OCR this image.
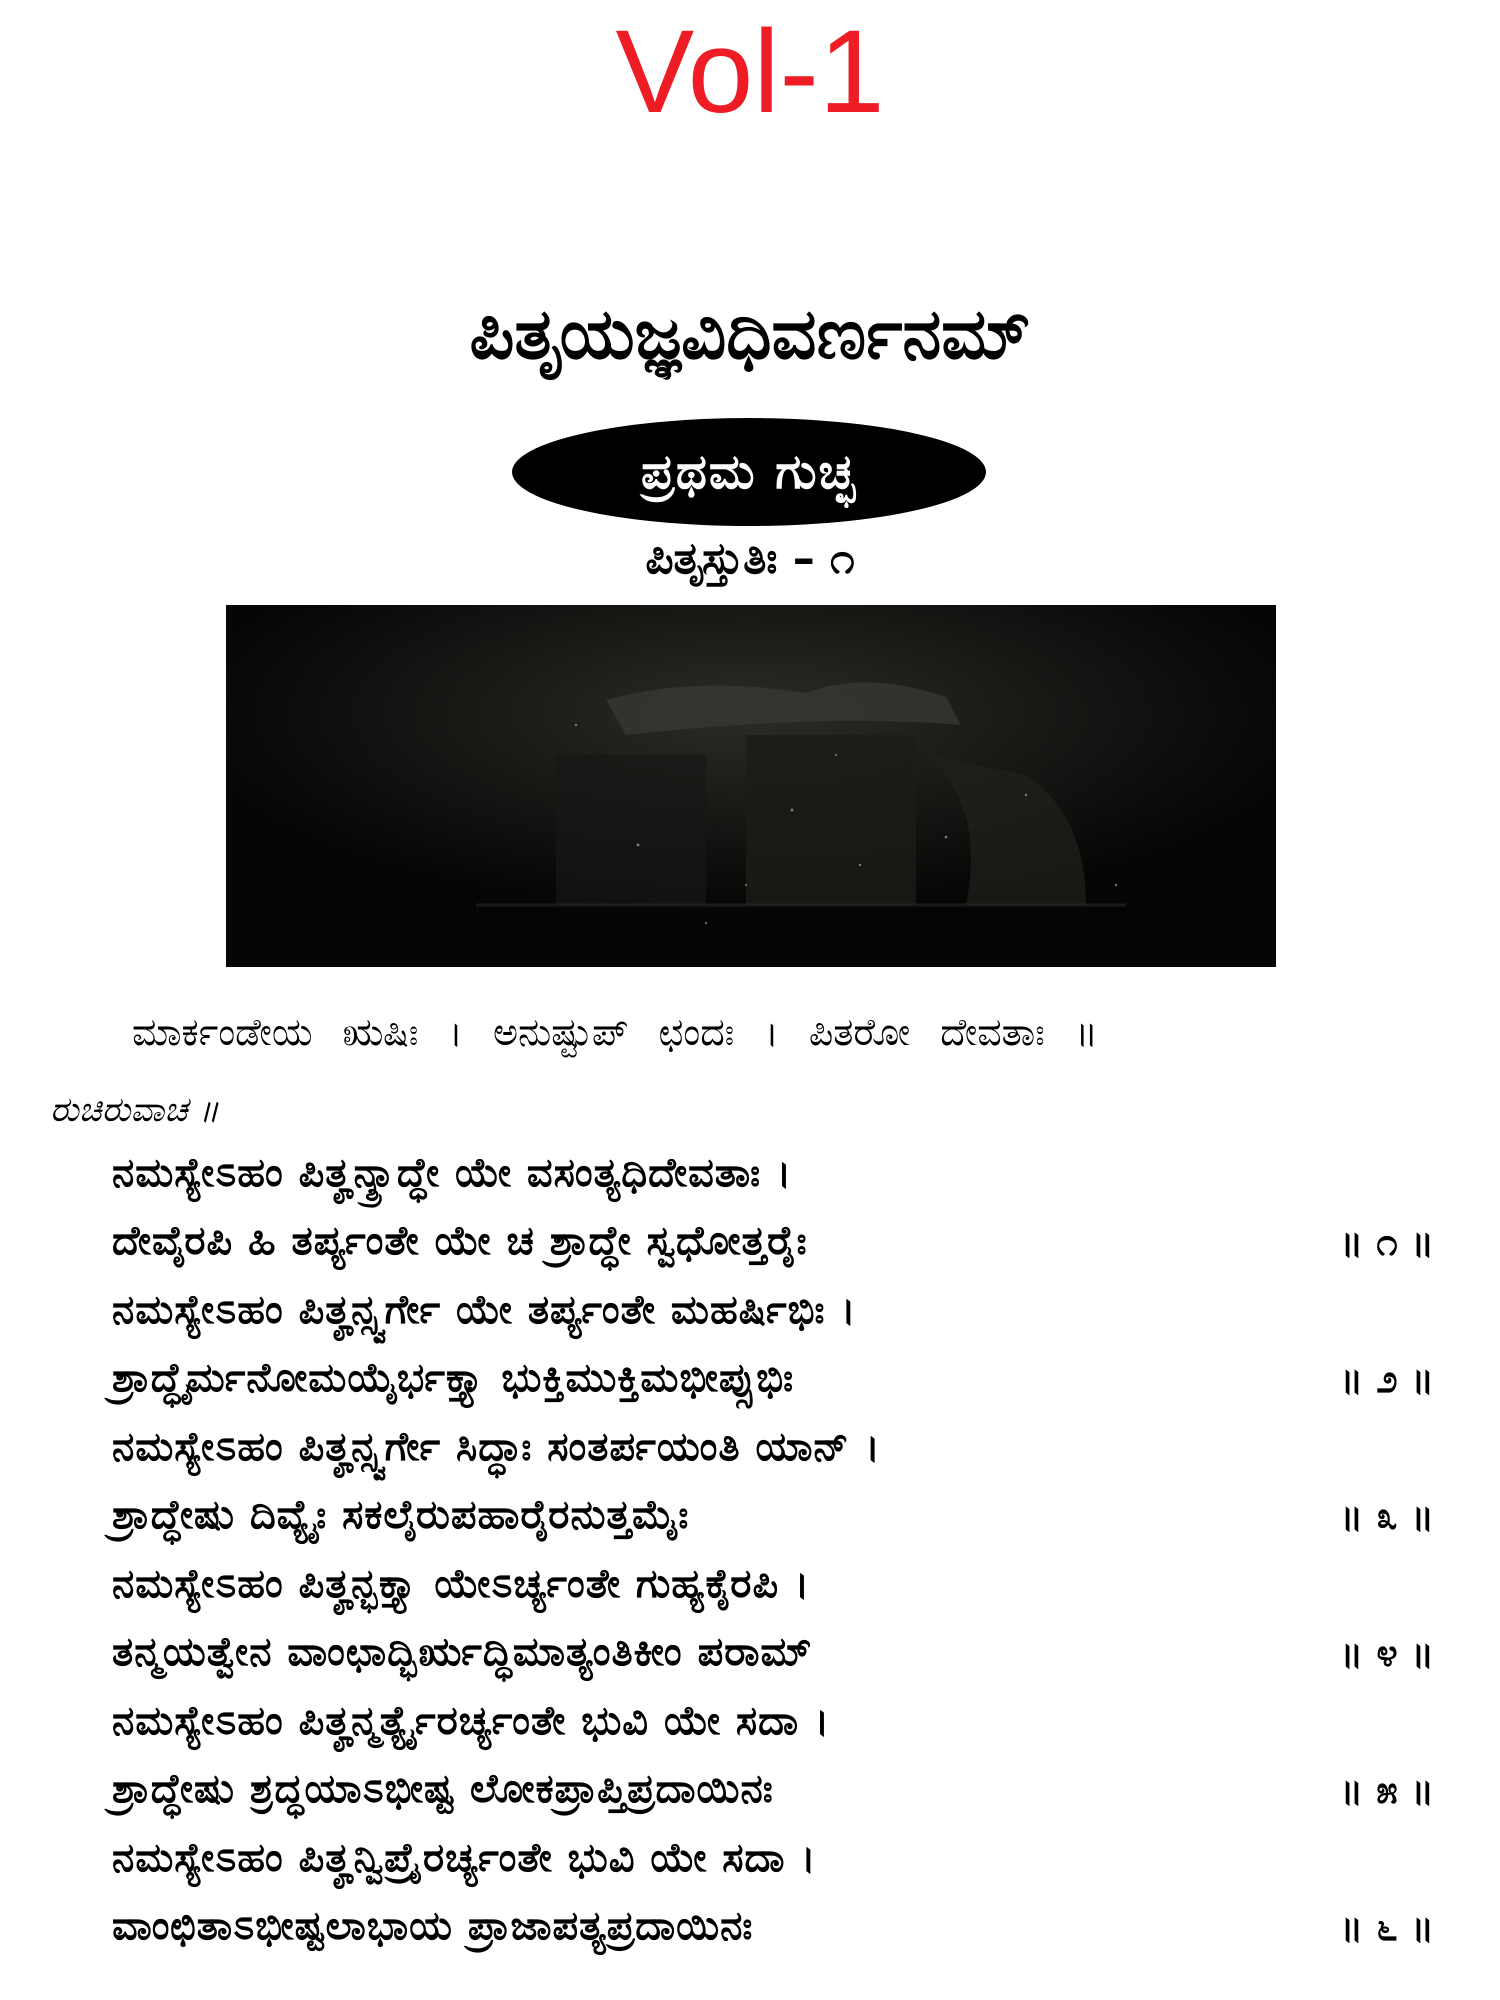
Vol-1
ಪಿತೃಯಜ್ಞವಿಧಿವರ್ಣನಮ್
ಪ್ರಥಮ ಗುಚ್ಛ
ಪಿತೃಸ್ತುತಿಃ – ೧
ಮಾರ್ಕಂಡೇಯ ಋಷಿಃ । ಅನುಷ್ಟುಪ್ ಛಂದಃ । ಪಿತರೋ ದೇವತಾಃ ॥
ರುಚಿರುವಾಚ ॥
ನಮಸ್ಯೇಽಹಂ ಪಿತೄನ್ಶ್ರಾದ್ಧೇ ಯೇ ವಸಂತ್ಯಧಿದೇವತಾಃ ।
ದೇವೈರಪಿ ಹಿ ತರ್ಪ್ಯಂತೇ ಯೇ ಚ ಶ್ರಾದ್ಧೇ ಸ್ವಧೋತ್ತರೈಃ	॥ ೧ ॥
ನಮಸ್ಯೇಽಹಂ ಪಿತೄನ್ಸ್ವರ್ಗೇ ಯೇ ತರ್ಪ್ಯಂತೇ ಮಹರ್ಷಿಭಿಃ ।
ಶ್ರಾದ್ಧೈರ್ಮನೋಮಯೈರ್ಭಕ್ತ್ಯಾ ಭುಕ್ತಿಮುಕ್ತಿಮಭೀಪ್ಸುಭಿಃ	॥ ೨ ॥
ನಮಸ್ಯೇಽಹಂ ಪಿತೄನ್ಸ್ವರ್ಗೇ ಸಿದ್ಧಾಃ ಸಂತರ್ಪಯಂತಿ ಯಾನ್ ।
ಶ್ರಾದ್ಧೇಷು ದಿವ್ಯೈಃ ಸಕಲೈರುಪಹಾರೈರನುತ್ತಮೈಃ	॥ ೩ ॥
ನಮಸ್ಯೇಽಹಂ ಪಿತೄನ್ಭಕ್ತ್ಯಾ ಯೇಽರ್ಚ್ಯಂತೇ ಗುಹ್ಯಕೈರಪಿ ।
ತನ್ಮಯತ್ವೇನ ವಾಂಛಾದ್ಭಿರ್ಋದ್ಧಿಮಾತ್ಯಂತಿಕೀಂ ಪರಾಮ್	॥ ೪ ॥
ನಮಸ್ಯೇಽಹಂ ಪಿತೄನ್ಮರ್ತ್ಯೈರರ್ಚ್ಯಂತೇ ಭುವಿ ಯೇ ಸದಾ ।
ಶ್ರಾದ್ಧೇಷು ಶ್ರದ್ಧಯಾಽಭೀಷ್ಟ ಲೋಕಪ್ರಾಪ್ತಿಪ್ರದಾಯಿನಃ	॥ ೫ ॥
ನಮಸ್ಯೇಽಹಂ ಪಿತೄನ್ವಿಪ್ರೈರರ್ಚ್ಯಂತೇ ಭುವಿ ಯೇ ಸದಾ ।
ವಾಂಛಿತಾಽಭೀಷ್ಟಲಾಭಾಯ ಪ್ರಾಜಾಪತ್ಯಪ್ರದಾಯಿನಃ	॥ ೬ ॥
